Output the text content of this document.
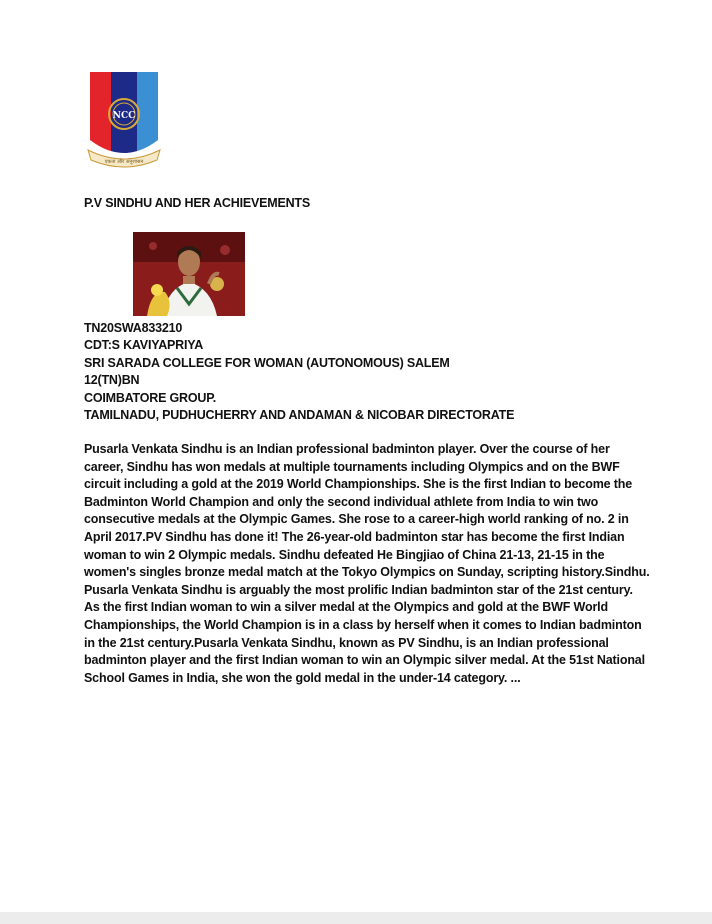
NCC
एकता और अनुशासन
P.V SINDHU AND HER ACHIEVEMENTS
TN20SWA833210
CDT:S KAVIYAPRIYA
SRI SARADA COLLEGE FOR WOMAN (AUTONOMOUS) SALEM
12(TN)BN
COIMBATORE GROUP.
TAMILNADU, PUDHUCHERRY AND ANDAMAN & NICOBAR DIRECTORATE
Pusarla Venkata Sindhu is an Indian professional badminton player. Over the course of her career, Sindhu has won medals at multiple tournaments including Olympics and on the BWF circuit including a gold at the 2019 World Championships. She is the first Indian to become the Badminton World Champion and only the second individual athlete from India to win two consecutive medals at the Olympic Games. She rose to a career-high world ranking of no. 2 in April 2017.PV Sindhu has done it! The 26-year-old badminton star has become the first Indian woman to win 2 Olympic medals. Sindhu defeated He Bingjiao of China 21-13, 21-15 in the women's singles bronze medal match at the Tokyo Olympics on Sunday, scripting history.Sindhu. Pusarla Venkata Sindhu is arguably the most prolific Indian badminton star of the 21st century. As the first Indian woman to win a silver medal at the Olympics and gold at the BWF World Championships, the World Champion is in a class by herself when it comes to Indian badminton in the 21st century.Pusarla Venkata Sindhu, known as PV Sindhu, is an Indian professional badminton player and the first Indian woman to win an Olympic silver medal. At the 51st National School Games in India, she won the gold medal in the under-14 category. ...
